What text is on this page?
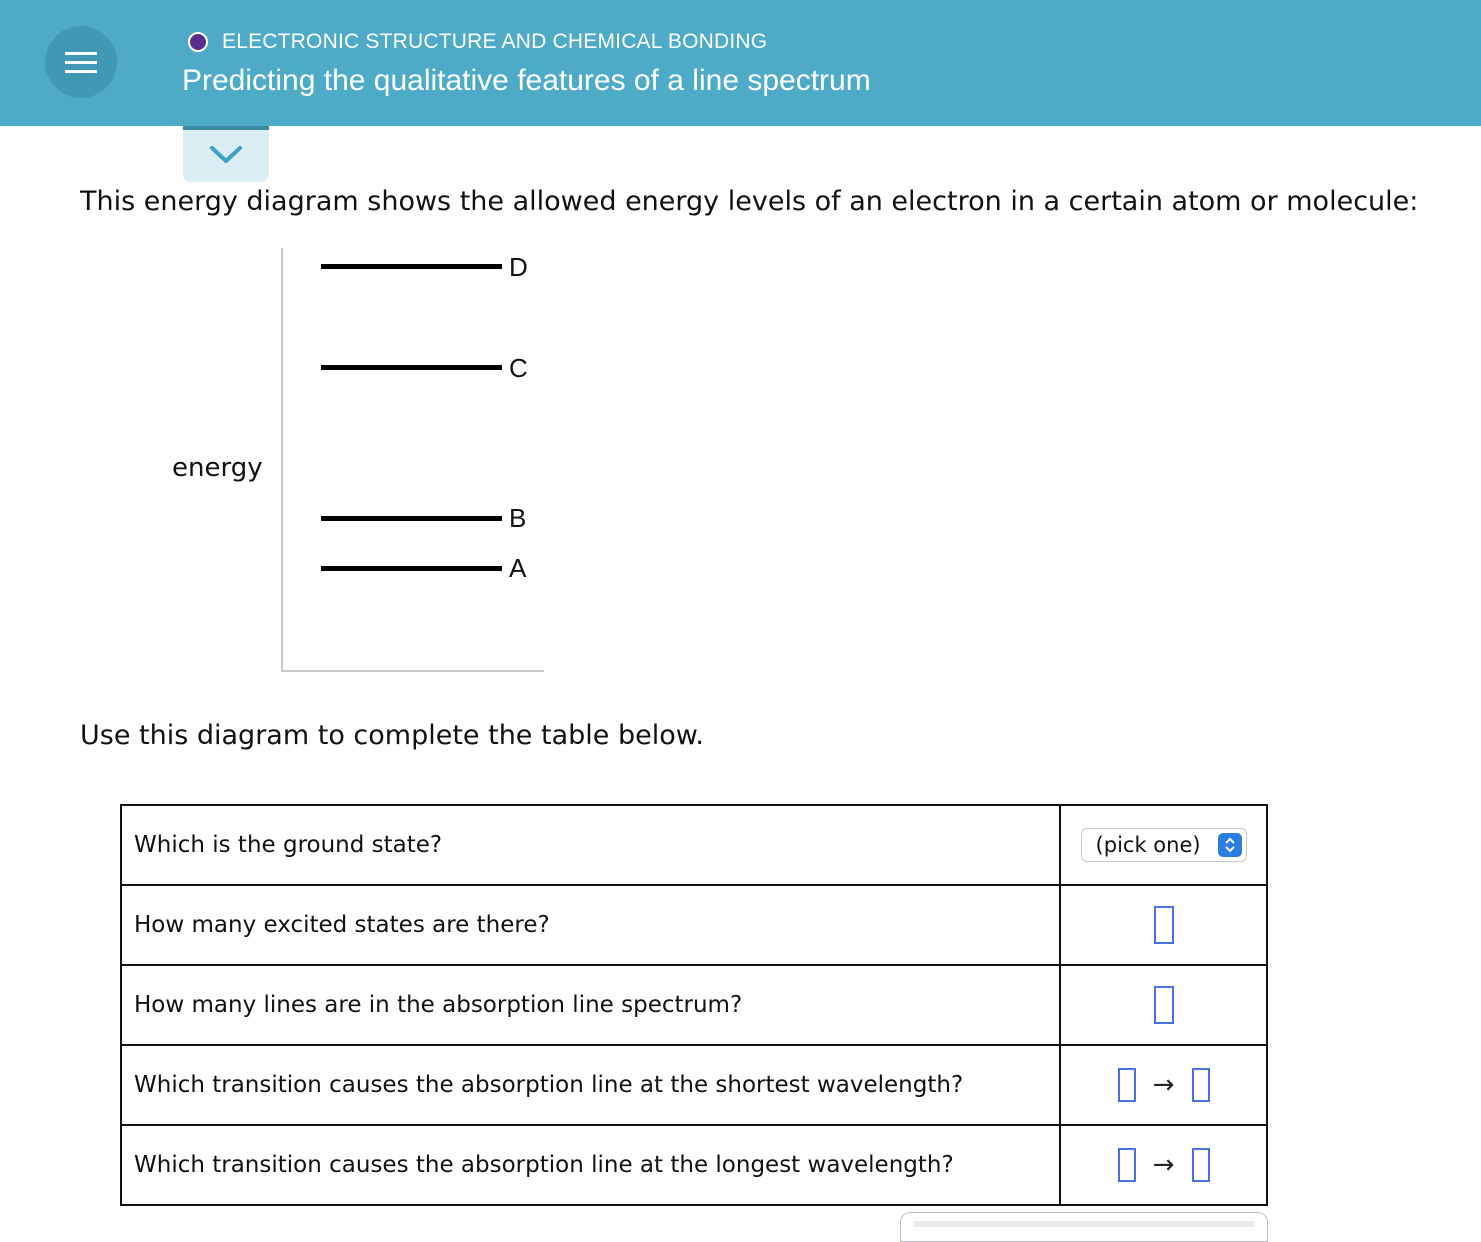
ELECTRONIC STRUCTURE AND CHEMICAL BONDING
Predicting the qualitative features of a line spectrum
This energy diagram shows the allowed energy levels of an electron in a certain atom or molecule:
energy
D
C
B
A
Use this diagram to complete the table below.
Which is the ground state?	(pick one)

How many excited states are there?	
How many lines are in the absorption line spectrum?	
Which transition causes the absorption line at the shortest wavelength?	→
Which transition causes the absorption line at the longest wavelength?	→
